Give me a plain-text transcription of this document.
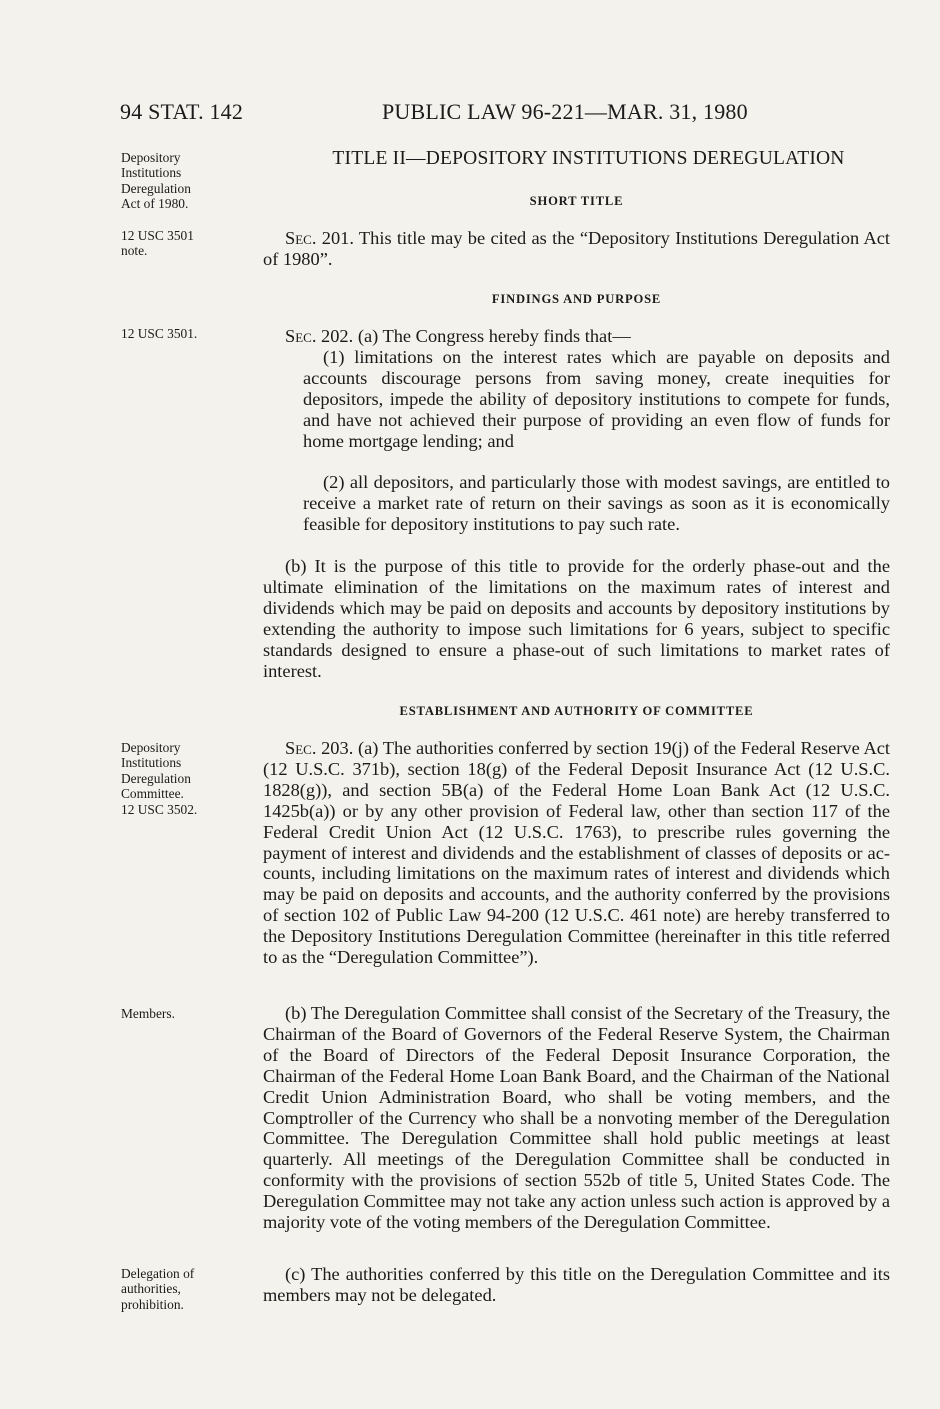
94 STAT. 142	PUBLIC LAW 96-221—MAR. 31, 1980
Depository
Institutions
Deregulation
Act of 1980.
12 USC 3501
note.
12 USC 3501.
Depository
Institutions
Deregulation
Committee.
12 USC 3502.
Members.
Delegation of
authorities,
prohibition.
TITLE II—DEPOSITORY INSTITUTIONS DEREGULATION
SHORT TITLE
Sec. 201. This title may be cited as the “Depository Institutions Deregulation Act of 1980”.
FINDINGS AND PURPOSE
Sec. 202. (a) The Congress hereby finds that—
(1) limitations on the interest rates which are payable on deposits and accounts discourage persons from saving money, create inequities for depositors, impede the ability of depository institutions to compete for funds, and have not achieved their purpose of providing an even flow of funds for home mortgage lending; and
(2) all depositors, and particularly those with modest savings, are entitled to receive a market rate of return on their savings as soon as it is economically feasible for depository institutions to pay such rate.
(b) It is the purpose of this title to provide for the orderly phase-out and the ultimate elimination of the limitations on the maximum rates of interest and dividends which may be paid on deposits and accounts by depository institutions by extending the authority to impose such limitations for 6 years, subject to specific standards designed to ensure a phase-out of such limitations to market rates of interest.
ESTABLISHMENT AND AUTHORITY OF COMMITTEE
Sec. 203. (a) The authorities conferred by section 19(j) of the Federal Reserve Act (12 U.S.C. 371b), section 18(g) of the Federal Deposit Insurance Act (12 U.S.C. 1828(g)), and section 5B(a) of the Federal Home Loan Bank Act (12 U.S.C. 1425b(a)) or by any other provision of Federal law, other than section 117 of the Federal Credit Union Act (12 U.S.C. 1763), to prescribe rules governing the payment of interest and dividends and the establishment of classes of deposits or accounts, including limitations on the maximum rates of interest and dividends which may be paid on deposits and accounts, and the authority conferred by the provisions of section 102 of Public Law 94-200 (12 U.S.C. 461 note) are hereby transferred to the Depository Institutions Deregulation Committee (hereinafter in this title referred to as the “Deregulation Committee”).
(b) The Deregulation Committee shall consist of the Secretary of the Treasury, the Chairman of the Board of Governors of the Federal Reserve System, the Chairman of the Board of Directors of the Federal Deposit Insurance Corporation, the Chairman of the Federal Home Loan Bank Board, and the Chairman of the National Credit Union Administration Board, who shall be voting members, and the Comptroller of the Currency who shall be a nonvoting member of the Deregulation Committee. The Deregulation Committee shall hold public meetings at least quarterly. All meetings of the Deregulation Committee shall be conducted in conformity with the provisions of section 552b of title 5, United States Code. The Deregulation Committee may not take any action unless such action is approved by a majority vote of the voting members of the Deregulation Committee.
(c) The authorities conferred by this title on the Deregulation Committee and its members may not be delegated.
